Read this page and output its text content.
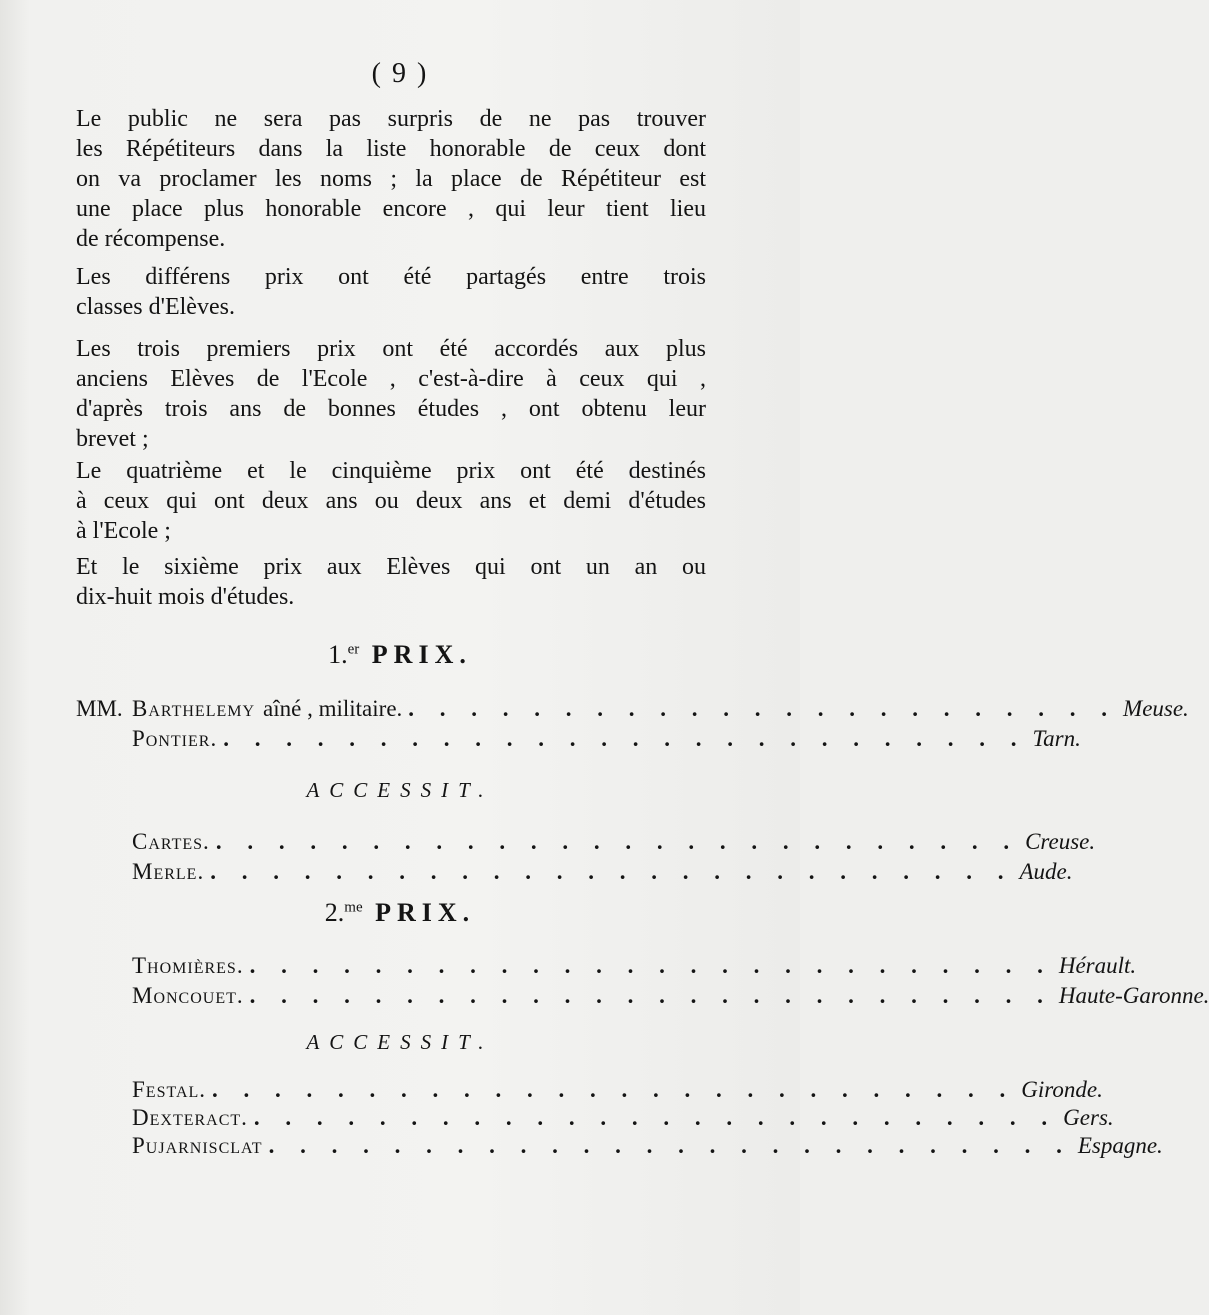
( 9 )
Le public ne sera pas surpris de ne pas trouver
les Répétiteurs dans la liste honorable de ceux dont
on va proclamer les noms ; la place de Répétiteur est
une place plus honorable encore , qui leur tient lieu
de récompense.
Les différens prix ont été partagés entre trois
classes d'Elèves.
Les trois premiers prix ont été accordés aux plus
anciens Elèves de l'Ecole , c'est-à-dire à ceux qui ,
d'après trois ans de bonnes études , ont obtenu leur
brevet ;
Le quatrième et le cinquième prix ont été destinés
à ceux qui ont deux ans ou deux ans et demi d'études
à l'Ecole ;
Et le sixième prix aux Elèves qui ont un an ou
dix-huit mois d'études.
1.$^{er}$ PRIX.
MM. Barthelemy aîné , militaire. . . . . . . . . . . . . . . . . . . . . . . . Meuse.
Pontier. . . . . . . . . . . . . . . . . . . . . . . . . . . Tarn.
ACCESSIT.
Cartes. . . . . . . . . . . . . . . . . . . . . . . . . . . Creuse.
Merle. . . . . . . . . . . . . . . . . . . . . . . . . . . Aude.
2.$^{me}$ PRIX.
Thomières. . . . . . . . . . . . . . . . . . . . . . . . . . . Hérault.
Moncouet. . . . . . . . . . . . . . . . . . . . . . . . . . . Haute-Garonne.
ACCESSIT.
Festal. . . . . . . . . . . . . . . . . . . . . . . . . . . Gironde.
Dexteract. . . . . . . . . . . . . . . . . . . . . . . . . . . Gers.
Pujarnisclat . . . . . . . . . . . . . . . . . . . . . . . . . . Espagne.
